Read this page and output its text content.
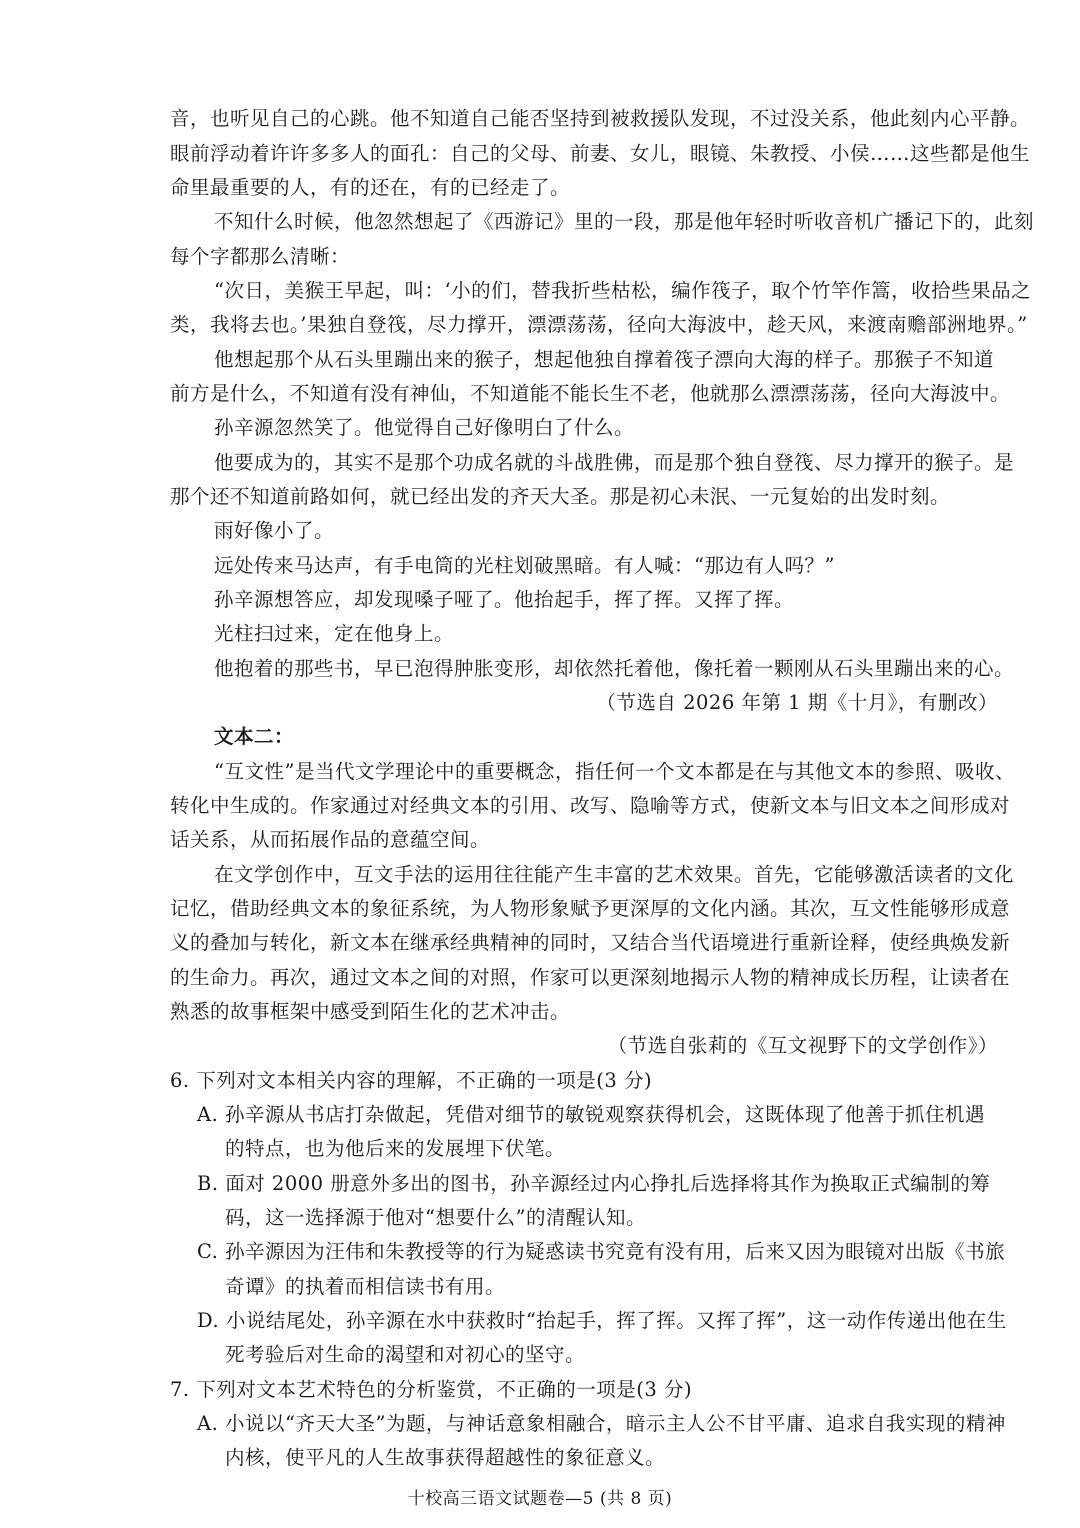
音，也听见自己的心跳。他不知道自己能否坚持到被救援队发现，不过没关系，他此刻内心平静。
眼前浮动着许许多多人的面孔：自己的父母、前妻、女儿，眼镜、朱教授、小侯……这些都是他生
命里最重要的人，有的还在，有的已经走了。
不知什么时候，他忽然想起了《西游记》里的一段，那是他年轻时听收音机广播记下的，此刻
每个字都那么清晰：
“次日，美猴王早起，叫：‘小的们，替我折些枯松，编作筏子，取个竹竿作篙，收拾些果品之
类，我将去也。’果独自登筏，尽力撑开，漂漂荡荡，径向大海波中，趁天风，来渡南赡部洲地界。”
他想起那个从石头里蹦出来的猴子，想起他独自撑着筏子漂向大海的样子。那猴子不知道
前方是什么，不知道有没有神仙，不知道能不能长生不老，他就那么漂漂荡荡，径向大海波中。
孙辛源忽然笑了。他觉得自己好像明白了什么。
他要成为的，其实不是那个功成名就的斗战胜佛，而是那个独自登筏、尽力撑开的猴子。是
那个还不知道前路如何，就已经出发的齐天大圣。那是初心未泯、一元复始的出发时刻。
雨好像小了。
远处传来马达声，有手电筒的光柱划破黑暗。有人喊：“那边有人吗？”
孙辛源想答应，却发现嗓子哑了。他抬起手，挥了挥。又挥了挥。
光柱扫过来，定在他身上。
他抱着的那些书，早已泡得肿胀变形，却依然托着他，像托着一颗刚从石头里蹦出来的心。
（节选自 2026 年第 1 期《十月》，有删改）
文本二：
“互文性”是当代文学理论中的重要概念，指任何一个文本都是在与其他文本的参照、吸收、
转化中生成的。作家通过对经典文本的引用、改写、隐喻等方式，使新文本与旧文本之间形成对
话关系，从而拓展作品的意蕴空间。
在文学创作中，互文手法的运用往往能产生丰富的艺术效果。首先，它能够激活读者的文化
记忆，借助经典文本的象征系统，为人物形象赋予更深厚的文化内涵。其次，互文性能够形成意
义的叠加与转化，新文本在继承经典精神的同时，又结合当代语境进行重新诠释，使经典焕发新
的生命力。再次，通过文本之间的对照，作家可以更深刻地揭示人物的精神成长历程，让读者在
熟悉的故事框架中感受到陌生化的艺术冲击。
（节选自张莉的《互文视野下的文学创作》）
6. 下列对文本相关内容的理解，不正确的一项是(3 分)
A. 孙辛源从书店打杂做起，凭借对细节的敏锐观察获得机会，这既体现了他善于抓住机遇
的特点，也为他后来的发展埋下伏笔。
B. 面对 2000 册意外多出的图书，孙辛源经过内心挣扎后选择将其作为换取正式编制的筹
码，这一选择源于他对“想要什么”的清醒认知。
C. 孙辛源因为汪伟和朱教授等的行为疑惑读书究竟有没有用，后来又因为眼镜对出版《书旅
奇谭》的执着而相信读书有用。
D. 小说结尾处，孙辛源在水中获救时“抬起手，挥了挥。又挥了挥”，这一动作传递出他在生
死考验后对生命的渴望和对初心的坚守。
7. 下列对文本艺术特色的分析鉴赏，不正确的一项是(3 分)
A. 小说以“齐天大圣”为题，与神话意象相融合，暗示主人公不甘平庸、追求自我实现的精神
内核，使平凡的人生故事获得超越性的象征意义。
十校高三语文试题卷—5 (共 8 页)
